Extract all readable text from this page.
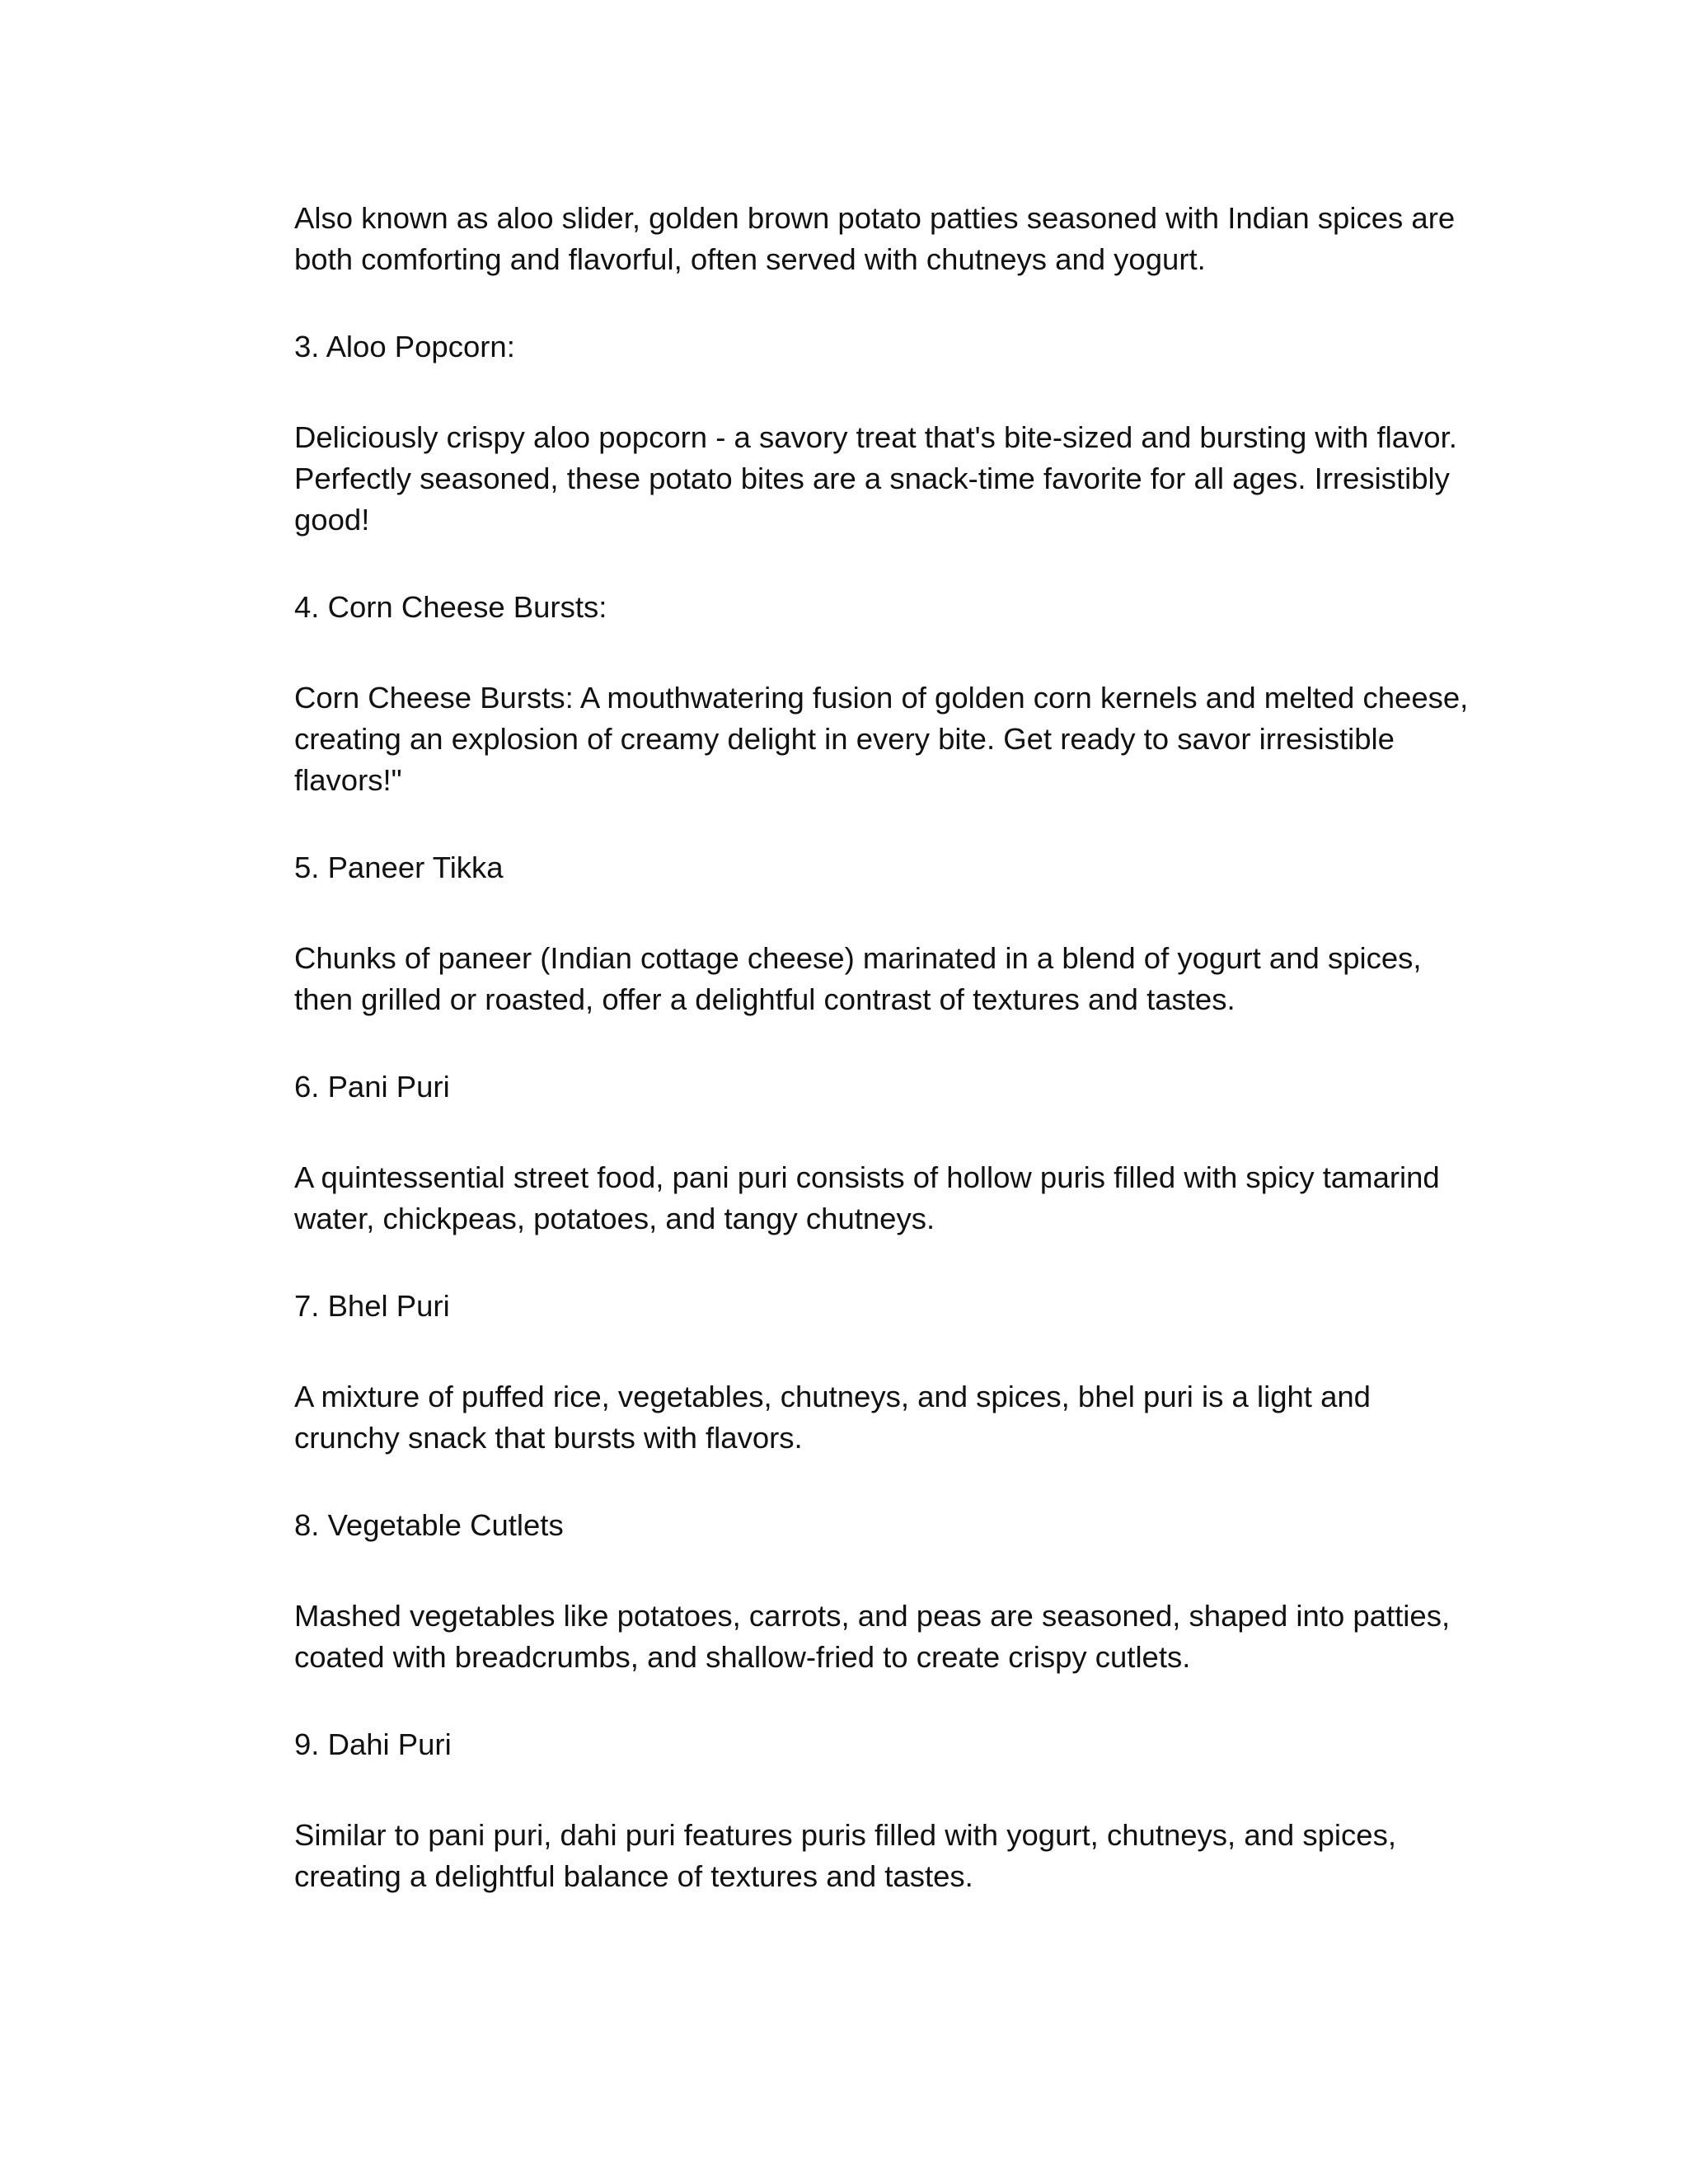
Also known as aloo slider, golden brown potato patties seasoned with Indian spices are both comforting and flavorful, often served with chutneys and yogurt.

3. Aloo Popcorn:

Deliciously crispy aloo popcorn - a savory treat that's bite-sized and bursting with flavor. Perfectly seasoned, these potato bites are a snack-time favorite for all ages. Irresistibly good!

4. Corn Cheese Bursts:

Corn Cheese Bursts: A mouthwatering fusion of golden corn kernels and melted cheese, creating an explosion of creamy delight in every bite. Get ready to savor irresistible flavors!"

5. Paneer Tikka

Chunks of paneer (Indian cottage cheese) marinated in a blend of yogurt and spices, then grilled or roasted, offer a delightful contrast of textures and tastes.

6. Pani Puri

A quintessential street food, pani puri consists of hollow puris filled with spicy tamarind water, chickpeas, potatoes, and tangy chutneys.

7. Bhel Puri

A mixture of puffed rice, vegetables, chutneys, and spices, bhel puri is a light and crunchy snack that bursts with flavors.

8. Vegetable Cutlets

Mashed vegetables like potatoes, carrots, and peas are seasoned, shaped into patties, coated with breadcrumbs, and shallow-fried to create crispy cutlets.

9. Dahi Puri

Similar to pani puri, dahi puri features puris filled with yogurt, chutneys, and spices, creating a delightful balance of textures and tastes.
